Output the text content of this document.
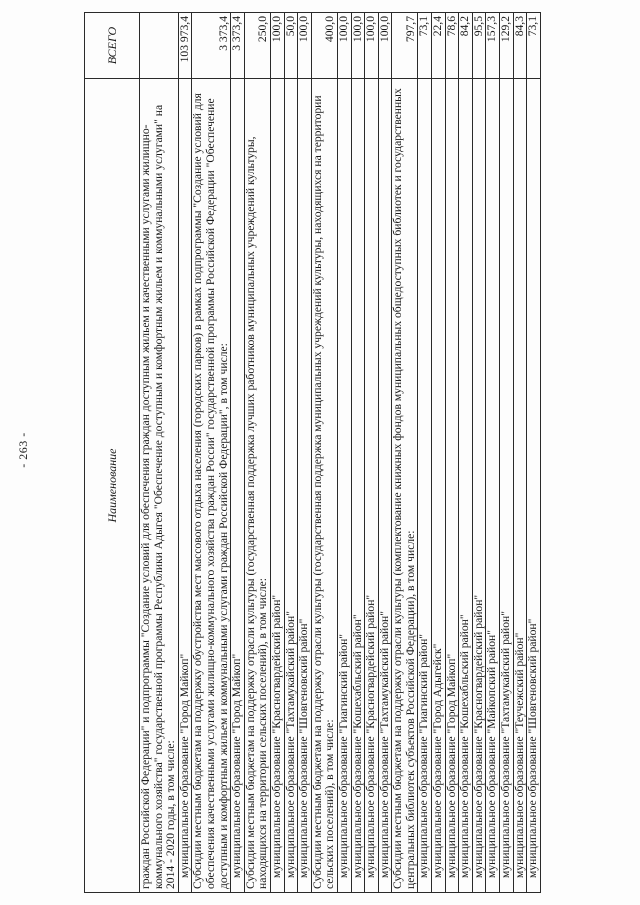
- 263 -	Наименование	ВСЕГО
граждан Российской Федерации" и подпрограммы "Создание условий для обеспечения граждан доступным жильем и качественными услугами жилищно-коммунального хозяйства" государственной программы Республики Адыгея "Обеспечение доступным и комфортным жильем и коммунальными услугами" на 2014 - 2020 годы, в том числе:	
муниципальное образование "Город Майкоп"	103 973,4
Субсидии местным бюджетам на поддержку обустройства мест массового отдыха населения (городских парков) в рамках подпрограммы "Создание условий для обеспечения качественными услугами жилищно-коммунального хозяйства граждан России" государственной программы Российской Федерации "Обеспечение доступным и комфортным жильем и коммунальными услугами граждан Российской Федерации", в том числе:	3 373,4
муниципальное образование "Город Майкоп"	3 373,4
Субсидии местным бюджетам на поддержку отрасли культуры (государственная поддержка лучших работников муниципальных учреждений культуры, находящихся на территории сельских поселений), в том числе:	250,0
муниципальное образование "Красногвардейский район"	100,0
муниципальное образование "Тахтамукайский район"	50,0
муниципальное образование "Шовгеновский район"	100,0
Субсидии местным бюджетам на поддержку отрасли культуры (государственная поддержка муниципальных учреждений культуры, находящихся на территории сельских поселений), в том числе:	400,0
муниципальное образование "Гиагинский район"	100,0
муниципальное образование "Кошехабльский район"	100,0
муниципальное образование "Красногвардейский район"	100,0
муниципальное образование "Тахтамукайский район"	100,0
Субсидии местным бюджетам на поддержку отрасли культуры (комплектование книжных фондов муниципальных общедоступных библиотек и государственных центральных библиотек субъектов Российской Федерации), в том числе:	797,7
муниципальное образование "Гиагинский район"	73,1
муниципальное образование "Город Адыгейск"	22,4
муниципальное образование "Город Майкоп"	78,6
муниципальное образование "Кошехабльский район"	84,2
муниципальное образование "Красногвардейский район"	95,5
муниципальное образование "Майкопский район"	157,3
муниципальное образование "Тахтамукайский район"	129,2
муниципальное образование "Теучежский район"	84,3
муниципальное образование "Шовгеновский район"	73,1
